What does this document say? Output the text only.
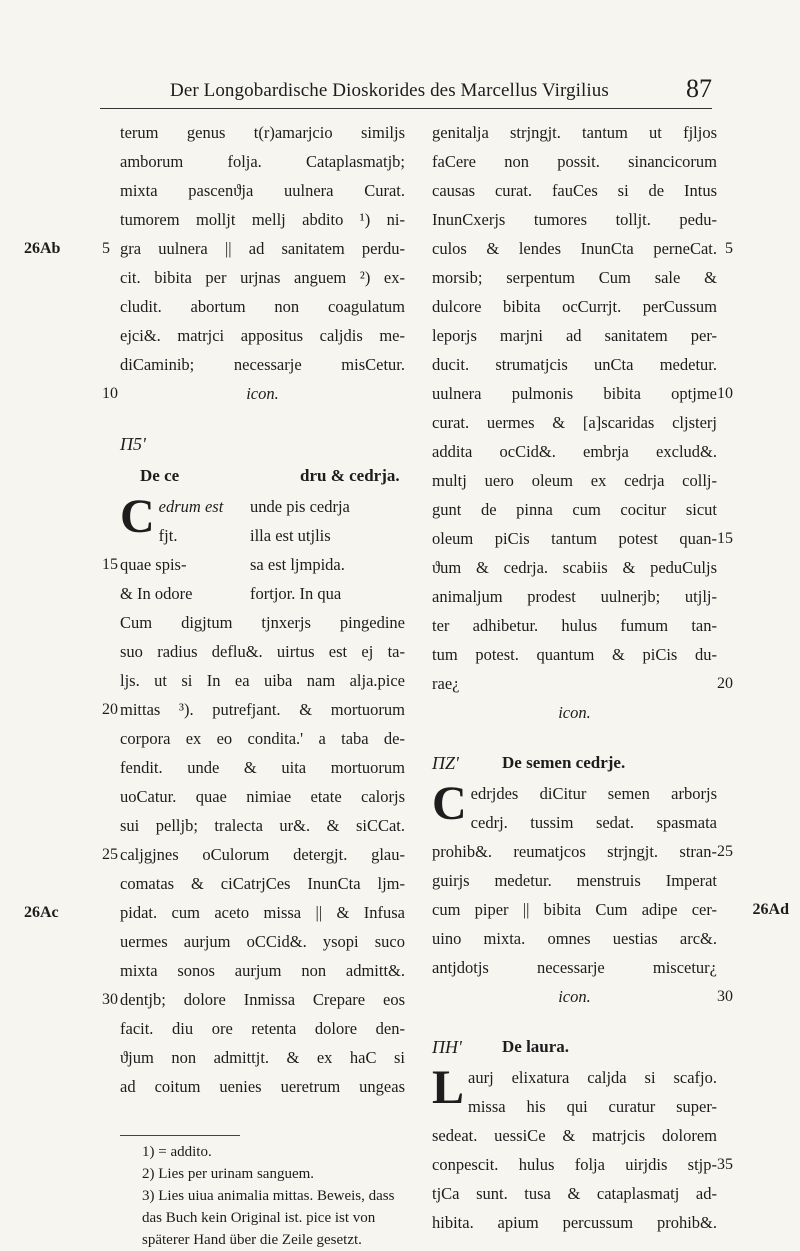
Der Longobardische Dioskorides des Marcellus Virgilius	87
terum genus t(r)amarjcio similjs
amborum folja. Cataplasmatjb;
mixta pascenϑja uulnera Curat.
tumorem molljt mellj abdito ¹) ni-
26Ab	5 gra uulnera || ad sanitatem perdu-
cit. bibita per urjnas anguem ²) ex-
cludit. abortum non coagulatum
ejci&. matrjci appositus caljdis me-
diCaminib; necessarje misCetur.
10	icon.
Π5'
De ce	dru & cedrja.
Cedrum est
fjt.
15 quae spis-
& In odore
unde pis cedrja
illa est utjlis
sa est ljmpida.
fortjor. In qua
Cum digjtum tjnxerjs pingedine
suo radius deflu&. uirtus est ej ta-
ljs. ut si In ea uiba nam alja.pice
20 mittas ³). putrefjant. & mortuorum
corpora ex eo condita.' a taba de-
fendit. unde & uita mortuorum
uoCatur. quae nimiae etate calorjs
sui pelljb; tralecta ur&. & siCCat.
25 caljgjnes oCulorum detergjt. glau-
comatas & ciCatrjCes InunCta ljm-
26Ac	pidat. cum aceto missa || & Infusa
uermes aurjum oCCid&. ysopi suco
mixta sonos aurjum non admitt&.
30 dentjb; dolore Inmissa Crepare eos
facit. diu ore retenta dolore den-
ϑjum non admittjt. & ex haC si
ad coitum uenies ueretrum ungeas
1) = addito.
2) Lies per urinam sanguem.
3) Lies uiua animalia mittas. Beweis, dass das Buch kein Original ist. pice ist von späterer Hand über die Zeile gesetzt.
genitalja strjngjt. tantum ut fjljos
faCere non possit. sinancicorum
causas curat. fauCes si de Intus
InunCxerjs tumores tolljt. pedu-
5
culos & lendes InunCta perneCat.
morsib; serpentum Cum sale &
dulcore bibita ocCurrjt. perCussum
leporjs marjni ad sanitatem per-
ducit. strumatjcis unCta medetur.
10
uulnera pulmonis bibita optjme
curat. uermes & [a]scaridas cljsterj
addita ocCid&. embrja exclud&.
multj uero oleum ex cedrja collj-
gunt de pinna cum cocitur sicut
15
oleum piCis tantum potest quan-
ϑum & cedrja. scabiis & peduCuljs
animaljum prodest uulnerjb; utjlj-
ter adhibetur. hulus fumum tan-
tum potest. quantum & piCis du-
20
rae¿
icon.
ΠZ'	De semen cedrje.
C edrjdes diCitur semen arborjs
cedrj. tussim sedat. spasmata
25
prohib&. reumatjcos strjngjt. stran-
guirjs medetur. menstruis Imperat
26Ad
cum piper || bibita Cum adipe cer-
uino mixta. omnes uestias arc&.
antjdotjs necessarje miscetur¿
30
icon.
ΠH' De laura.
L aurj elixatura caljda si scafjo.
missa his qui curatur super-
sedeat. uessiCe & matrjcis dolorem
35
conpescit. hulus folja uirjdis stjp-
tjCa sunt. tusa & cataplasmatj ad-
hibita. apium percussum prohib&.
